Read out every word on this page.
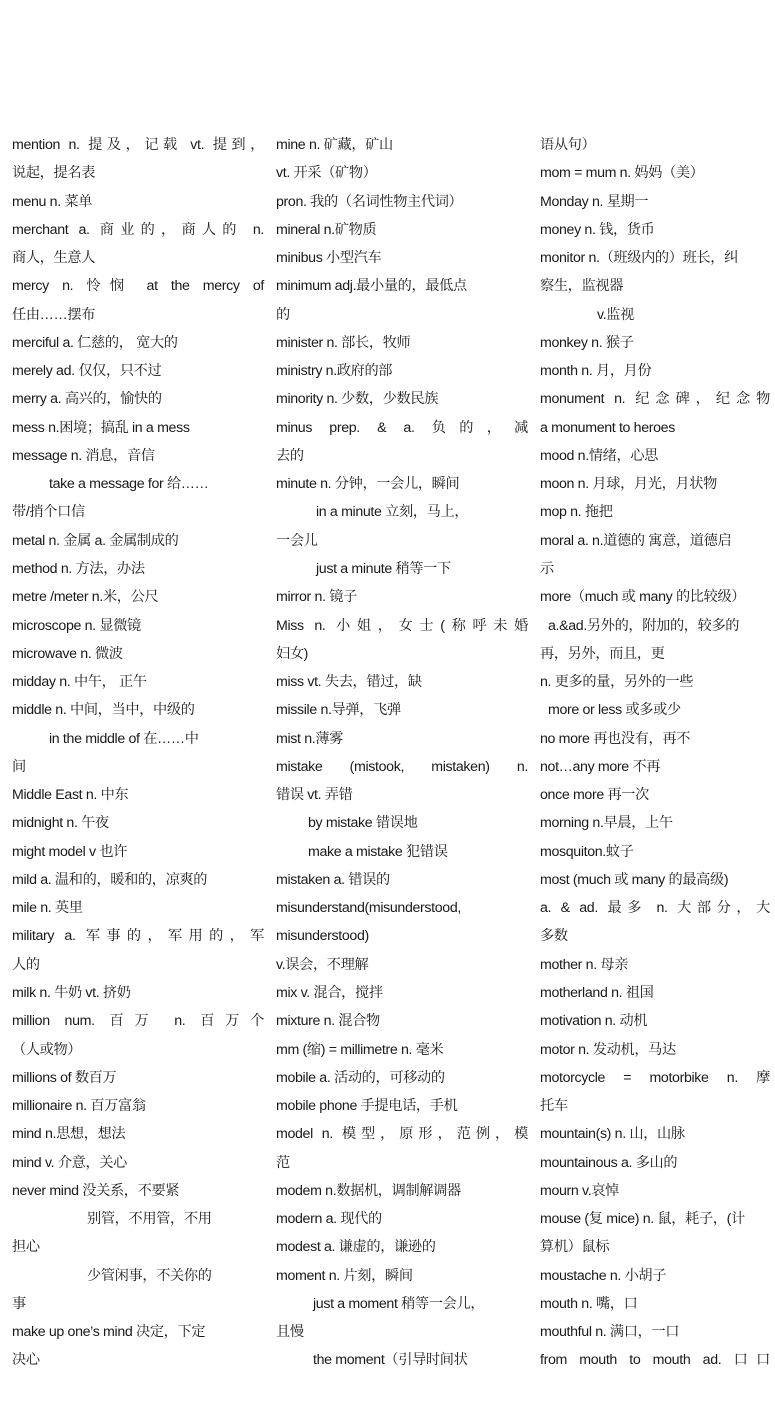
mention n. 提及，记载 vt. 提到，
说起，提名表
menu n. 菜单
merchant a. 商业的，商人的 n.
商人，生意人
mercy n. 怜悯 at the mercy of
任由……摆布
merciful a. 仁慈的， 宽大的
merely ad. 仅仅，只不过
merry a. 高兴的，愉快的
mess n.困境；搞乱 in a mess
message n. 消息，音信
take a message for 给……
带/捎个口信
metal n. 金属 a. 金属制成的
method n. 方法，办法
metre /meter n.米，公尺
microscope n. 显微镜
microwave n. 微波
midday n. 中午， 正午
middle n. 中间，当中，中级的
in the middle of 在……中
间
Middle East n. 中东
midnight n. 午夜
might model v 也许
mild a. 温和的，暖和的，凉爽的
mile n. 英里
military a. 军事的，军用的，军
人的
milk n. 牛奶 vt. 挤奶
million num. 百万 n. 百万个
（人或物）
millions of 数百万
millionaire n. 百万富翁
mind n.思想，想法
mind v. 介意，关心
never mind 没关系，不要紧
别管，不用管，不用
担心
少管闲事，不关你的
事
make up one’s mind 决定，下定
决心
mine n. 矿藏，矿山
vt. 开采（矿物）
pron. 我的（名词性物主代词）
mineral n.矿物质
minibus 小型汽车
minimum adj.最小量的，最低点
的
minister n. 部长，牧师
ministry n.政府的部
minority n. 少数，少数民族
minus prep. & a. 负的，减
去的
minute n. 分钟，一会儿，瞬间
in a minute 立刻，马上，
一会儿
just a minute 稍等一下
mirror n. 镜子
Miss n. 小姐，女士(称呼未婚
妇女)
miss vt. 失去，错过，缺
missile n.导弹，飞弹
mist n.薄雾
mistake (mistook, mistaken) n.
错误 vt. 弄错
by mistake 错误地
make a mistake 犯错误
mistaken a. 错误的
misunderstand(misunderstood,
misunderstood)
v.误会，不理解
mix v. 混合，搅拌
mixture n. 混合物
mm (缩) = millimetre n. 毫米
mobile a. 活动的，可移动的
mobile phone 手提电话，手机
model n. 模型，原形，范例，模
范
modem n.数据机，调制解调器
modern a. 现代的
modest a. 谦虚的，谦逊的
moment n. 片刻，瞬间
just a moment 稍等一会儿，
且慢
the moment（引导时间状
语从句）
mom = mum n. 妈妈（美）
Monday n. 星期一
money n. 钱，货币
monitor n.（班级内的）班长，纠
察生，监视器
v.监视
monkey n. 猴子
month n. 月，月份
monument n. 纪念碑，纪念物
a monument to heroes
mood n.情绪，心思
moon n. 月球，月光，月状物
mop n. 拖把
moral a. n.道德的 寓意，道德启
示
more（much 或 many 的比较级）
a.&ad.另外的，附加的，较多的
再，另外，而且，更
n. 更多的量，另外的一些
more or less 或多或少
no more 再也没有，再不
not…any more 不再
once more 再一次
morning n.早晨，上午
mosquiton.蚊子
most (much 或 many 的最高级)
a. & ad. 最多 n. 大部分，大
多数
mother n. 母亲
motherland n. 祖国
motivation n. 动机
motor n. 发动机，马达
motorcycle = motorbike n. 摩
托车
mountain(s) n. 山，山脉
mountainous a. 多山的
mourn v.哀悼
mouse (复 mice) n. 鼠，耗子，(计
算机）鼠标
moustache n. 小胡子
mouth n. 嘴，口
mouthful n. 满口，一口
from mouth to mouth ad. 口口
